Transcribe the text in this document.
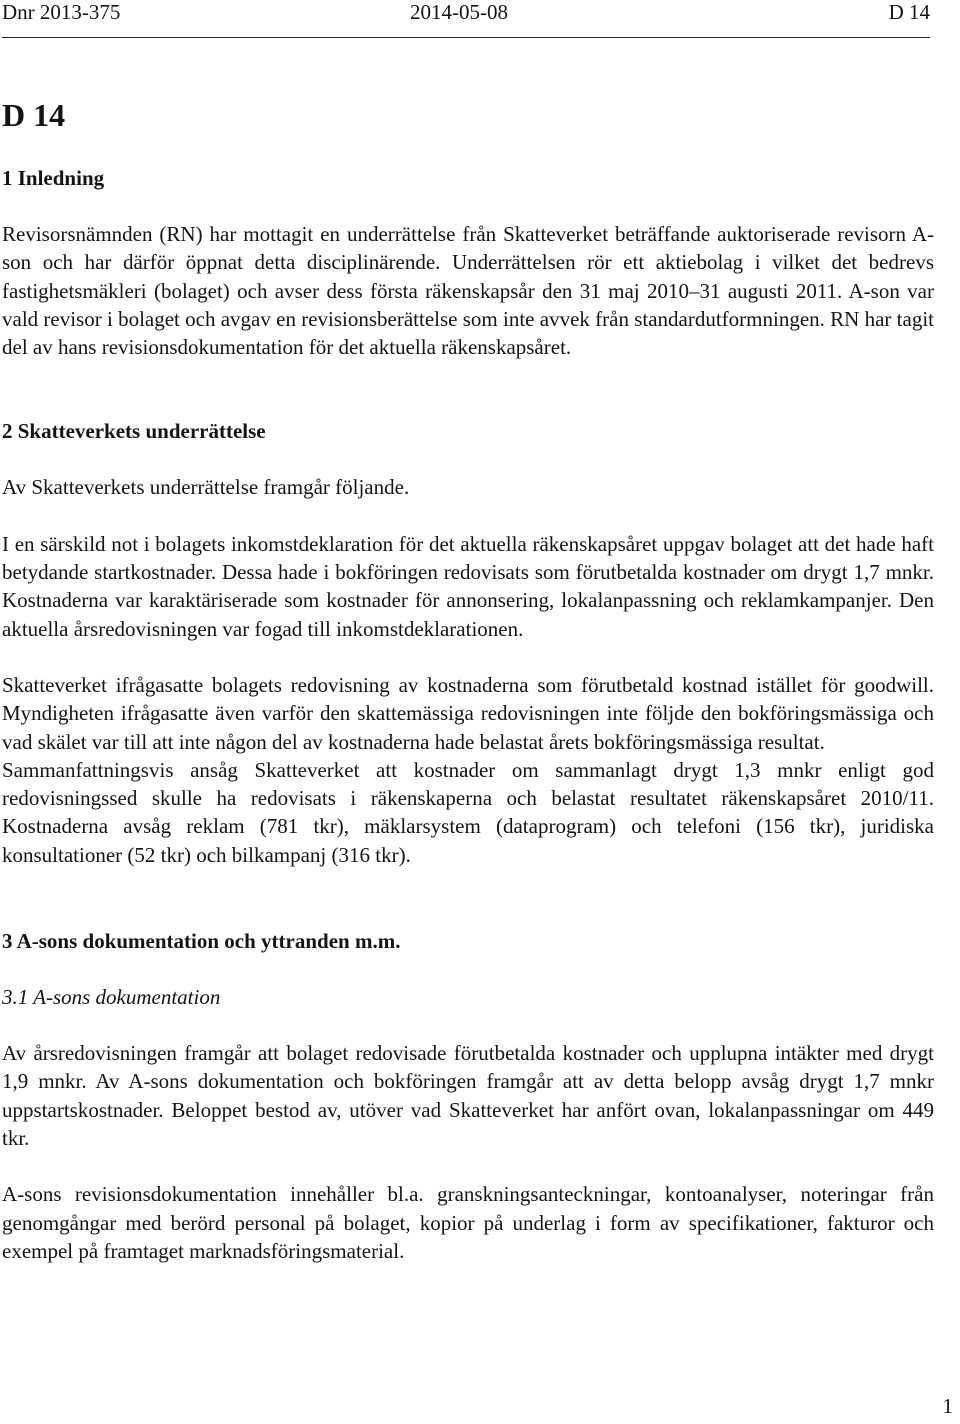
Dnr 2013-375	2014-05-08	D 14
D 14
1 Inledning

Revisorsnämnden (RN) har mottagit en underrättelse från Skatteverket beträffande auktoriserade revisorn A-son och har därför öppnat detta disciplinärende. Underrättelsen rör ett aktiebolag i vilket det bedrevs fastighetsmäkleri (bolaget) och avser dess första räkenskapsår den 31 maj 2010–31 augusti 2011. A-son var vald revisor i bolaget och avgav en revisionsberättelse som inte avvek från standardutformningen. RN har tagit del av hans revisionsdokumentation för det aktuella räkenskapsåret.

2 Skatteverkets underrättelse

Av Skatteverkets underrättelse framgår följande.

I en särskild not i bolagets inkomstdeklaration för det aktuella räkenskapsåret uppgav bolaget att det hade haft betydande startkostnader. Dessa hade i bokföringen redovisats som förutbetalda kostnader om drygt 1,7 mnkr. Kostnaderna var karaktäriserade som kostnader för annonsering, lokalanpassning och reklamkampanjer. Den aktuella årsredovisningen var fogad till inkomstdeklarationen.

Skatteverket ifrågasatte bolagets redovisning av kostnaderna som förutbetald kostnad istället för goodwill. Myndigheten ifrågasatte även varför den skattemässiga redovisningen inte följde den bokföringsmässiga och vad skälet var till att inte någon del av kostnaderna hade belastat årets bokföringsmässiga resultat.

Sammanfattningsvis ansåg Skatteverket att kostnader om sammanlagt drygt 1,3 mnkr enligt god redovisningssed skulle ha redovisats i räkenskaperna och belastat resultatet räkenskapsåret 2010/11. Kostnaderna avsåg reklam (781 tkr), mäklarsystem (dataprogram) och telefoni (156 tkr), juridiska konsultationer (52 tkr) och bilkampanj (316 tkr).

3 A-sons dokumentation och yttranden m.m.
3.1 A-sons dokumentation

Av årsredovisningen framgår att bolaget redovisade förutbetalda kostnader och upplupna intäkter med drygt 1,9 mnkr. Av A-sons dokumentation och bokföringen framgår att av detta belopp avsåg drygt 1,7 mnkr uppstartskostnader. Beloppet bestod av, utöver vad Skatteverket har anfört ovan, lokalanpassningar om 449 tkr.

A-sons revisionsdokumentation innehåller bl.a. granskningsanteckningar, kontoanalyser, noteringar från genomgångar med berörd personal på bolaget, kopior på underlag i form av specifikationer, fakturor och exempel på framtaget marknadsföringsmaterial.

1
